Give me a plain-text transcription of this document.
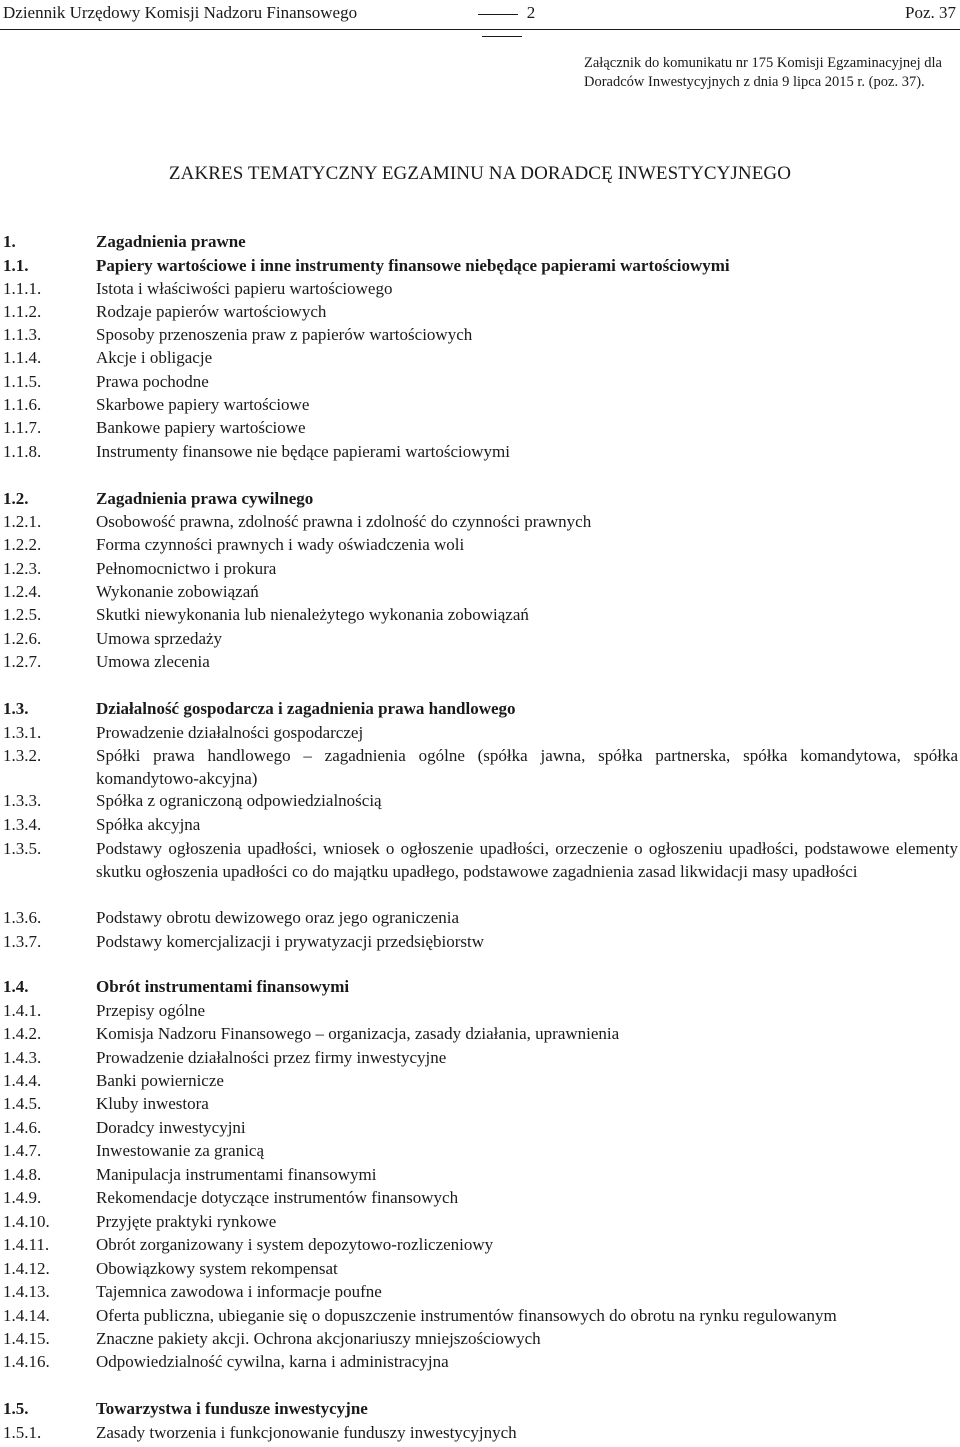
Dziennik Urzędowy Komisji Nadzoru Finansowego	2	Poz. 37
Załącznik do komunikatu nr 175 Komisji Egzaminacyjnej dla Doradców Inwestycyjnych z dnia 9 lipca 2015 r. (poz. 37).
ZAKRES TEMATYCZNY EGZAMINU NA DORADCĘ INWESTYCYJNEGO
1.	Zagadnienia prawne
1.1.	Papiery wartościowe i inne instrumenty finansowe niebędące papierami wartościowymi
1.1.1.	Istota i właściwości papieru wartościowego
1.1.2.	Rodzaje papierów wartościowych
1.1.3.	Sposoby przenoszenia praw z papierów wartościowych
1.1.4.	Akcje i obligacje
1.1.5.	Prawa pochodne
1.1.6.	Skarbowe papiery wartościowe
1.1.7.	Bankowe papiery wartościowe
1.1.8.	Instrumenty finansowe nie będące papierami wartościowymi
1.2.	Zagadnienia prawa cywilnego
1.2.1.	Osobowość prawna, zdolność prawna i zdolność do czynności prawnych
1.2.2.	Forma czynności prawnych i wady oświadczenia woli
1.2.3.	Pełnomocnictwo i prokura
1.2.4.	Wykonanie zobowiązań
1.2.5.	Skutki niewykonania lub nienależytego wykonania zobowiązań
1.2.6.	Umowa sprzedaży
1.2.7.	Umowa zlecenia
1.3.	Działalność gospodarcza i zagadnienia prawa handlowego
1.3.1.	Prowadzenie działalności gospodarczej
1.3.2.	Spółki prawa handlowego – zagadnienia ogólne (spółka jawna, spółka partnerska, spółka komandytowa, spółka komandytowo-akcyjna)
1.3.3.	Spółka z ograniczoną odpowiedzialnością
1.3.4.	Spółka akcyjna
1.3.5.	Podstawy ogłoszenia upadłości, wniosek o ogłoszenie upadłości, orzeczenie o ogłoszeniu upadłości, podstawowe elementy skutku ogłoszenia upadłości co do majątku upadłego, podstawowe zagadnienia zasad likwidacji masy upadłości
1.3.6.	Podstawy obrotu dewizowego oraz jego ograniczenia
1.3.7.	Podstawy komercjalizacji i prywatyzacji przedsiębiorstw
1.4.	Obrót instrumentami finansowymi
1.4.1.	Przepisy ogólne
1.4.2.	Komisja Nadzoru Finansowego – organizacja, zasady działania, uprawnienia
1.4.3.	Prowadzenie działalności przez firmy inwestycyjne
1.4.4.	Banki powiernicze
1.4.5.	Kluby inwestora
1.4.6.	Doradcy inwestycyjni
1.4.7.	Inwestowanie za granicą
1.4.8.	Manipulacja instrumentami finansowymi
1.4.9.	Rekomendacje dotyczące instrumentów finansowych
1.4.10.	Przyjęte praktyki rynkowe
1.4.11.	Obrót zorganizowany i system depozytowo-rozliczeniowy
1.4.12.	Obowiązkowy system rekompensat
1.4.13.	Tajemnica zawodowa i informacje poufne
1.4.14.	Oferta publiczna, ubieganie się o dopuszczenie instrumentów finansowych do obrotu na rynku regulowanym
1.4.15.	Znaczne pakiety akcji. Ochrona akcjonariuszy mniejszościowych
1.4.16.	Odpowiedzialność cywilna, karna i administracyjna
1.5.	Towarzystwa i fundusze inwestycyjne
1.5.1.	Zasady tworzenia i funkcjonowanie funduszy inwestycyjnych
